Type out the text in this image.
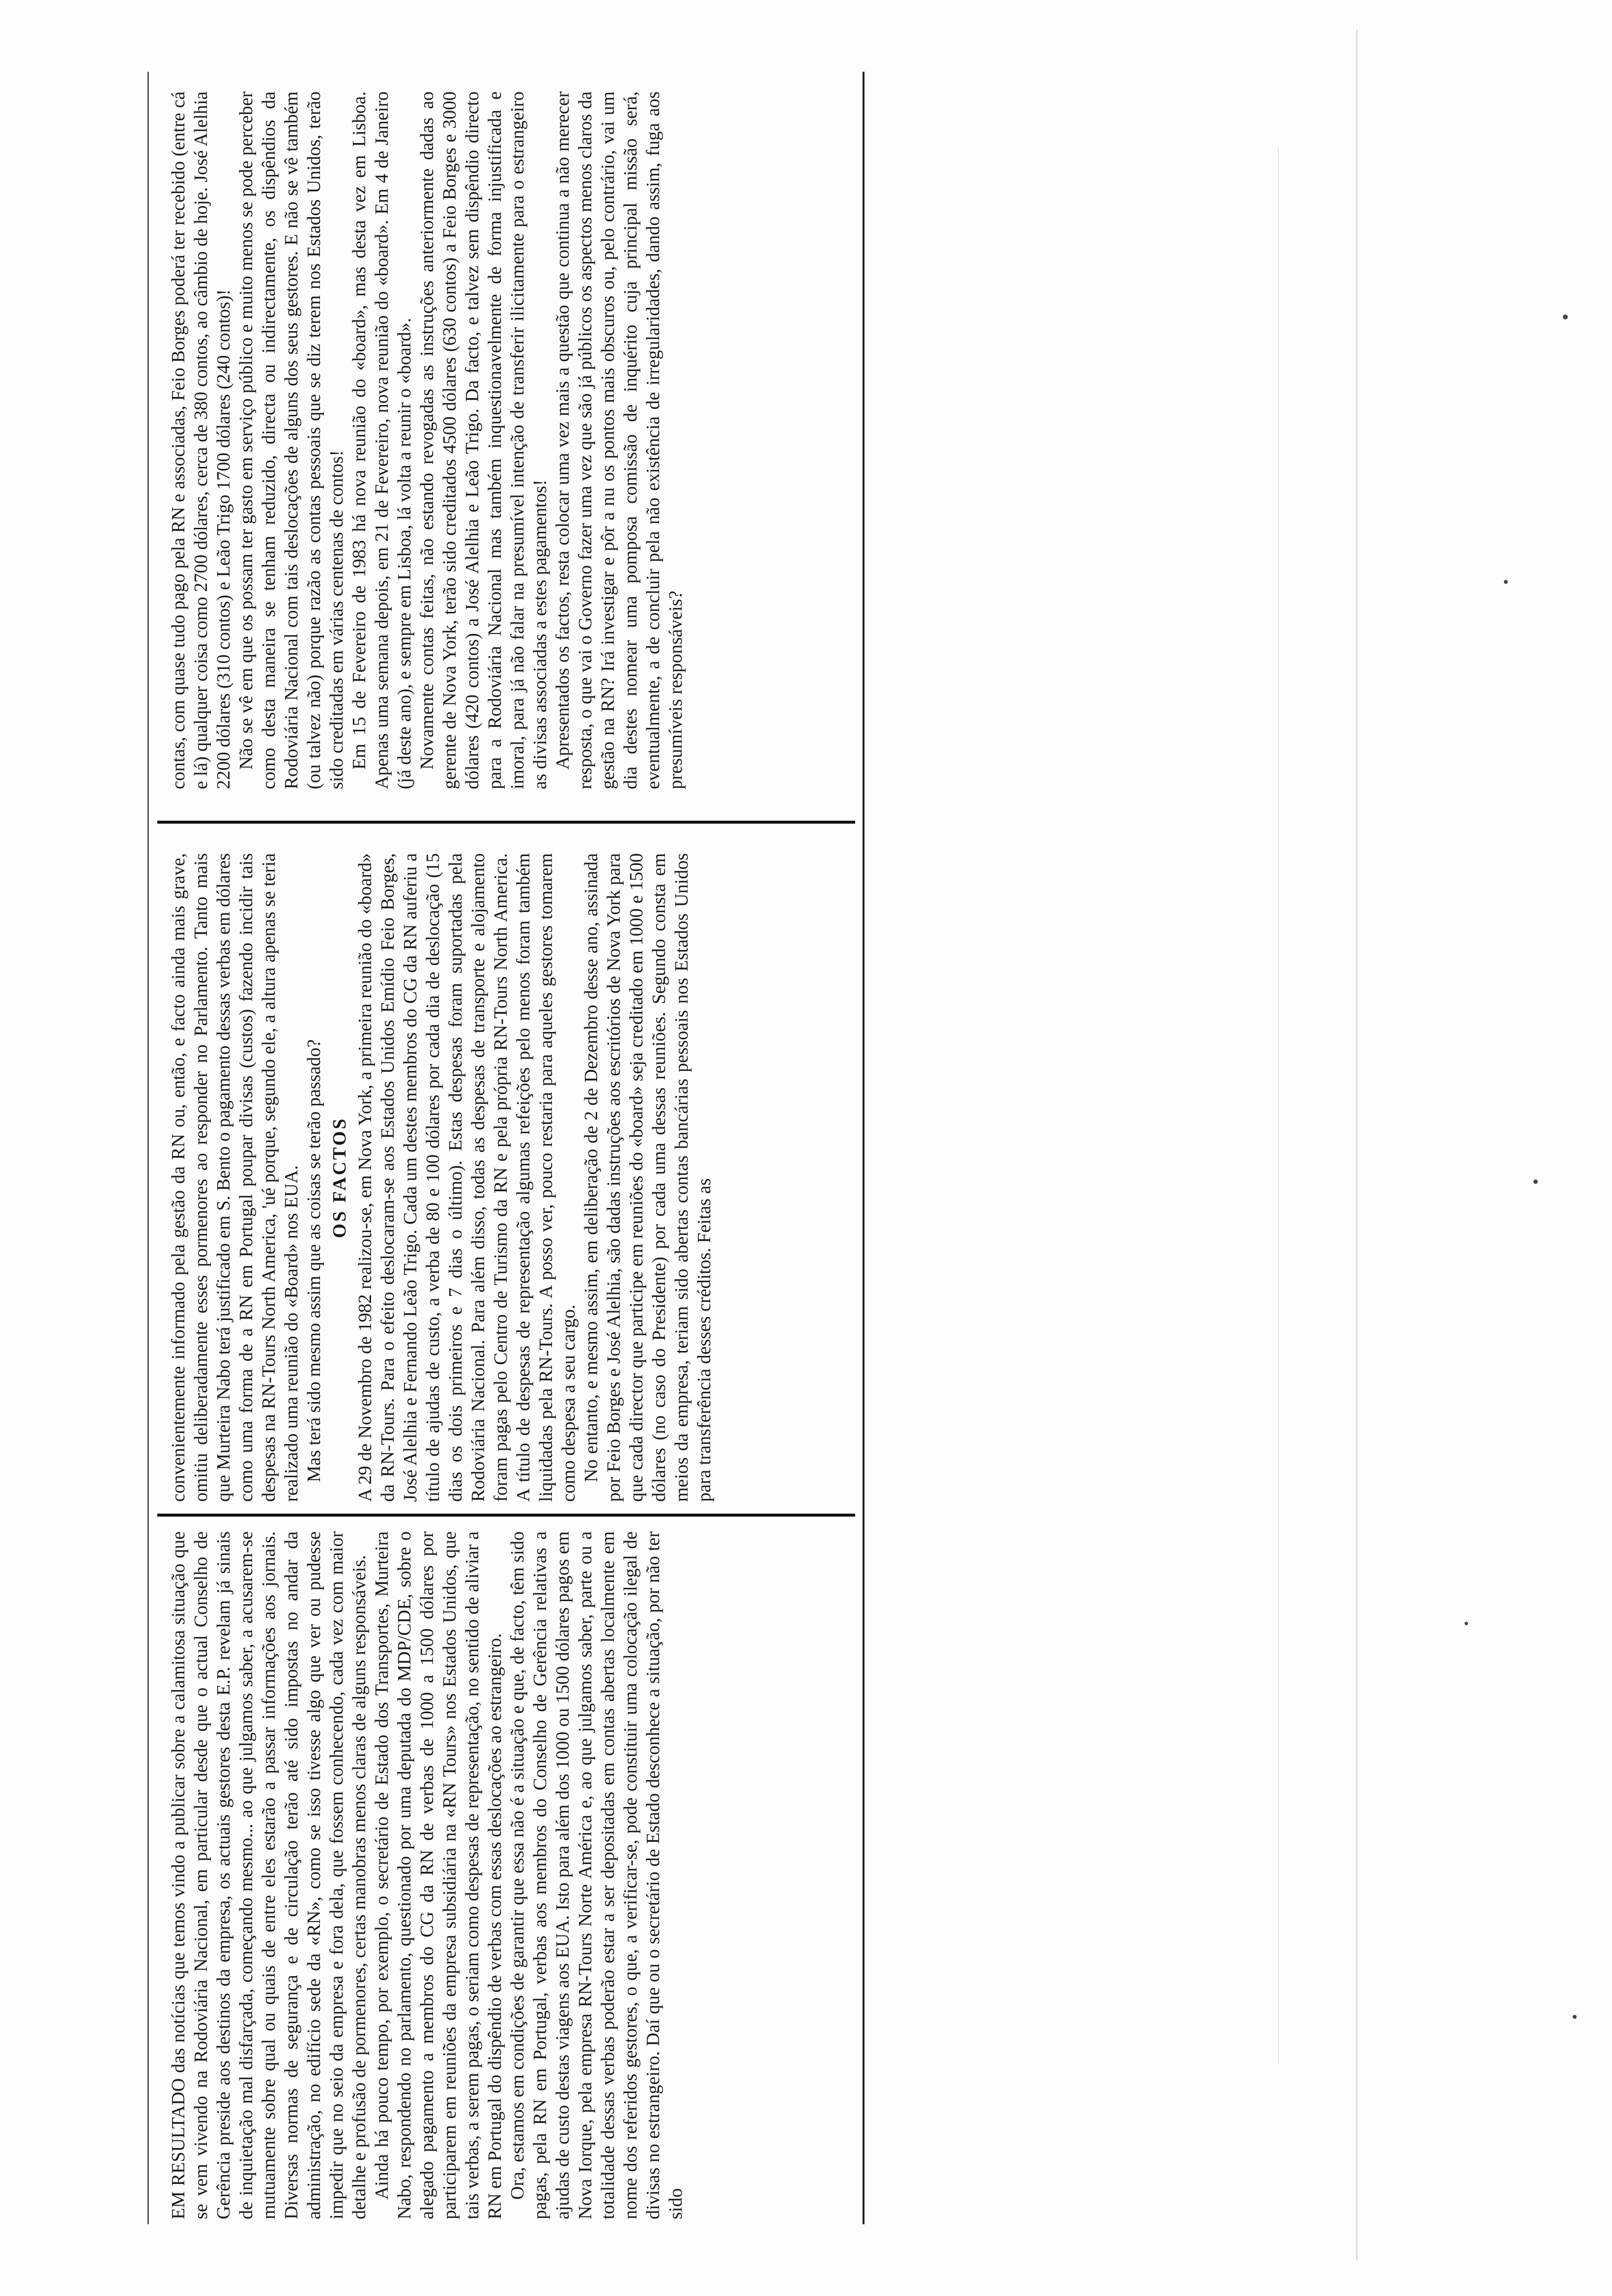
EM RESULTADO das notícias que temos vindo a publicar sobre a calamitosa situação que se vem vivendo na Rodoviária Nacional, em particular desde que o actual Conselho de Gerência preside aos destinos da empresa, os actuais gestores desta E.P. revelam já sinais de inquietação mal disfarçada, começando mesmo... ao que julgamos saber, a acusarem-se mutuamente sobre qual ou quais de entre eles estarão a passar informações aos jornais. Diversas normas de segurança e de circulação terão até sido impostas no andar da administração, no edifício sede da «RN», como se isso tivesse algo que ver ou pudesse impedir que no seio da empresa e fora dela, que fossem conhecendo, cada vez com maior detalhe e profusão de pormenores, certas manobras menos claras de alguns responsáveis. Ainda há pouco tempo, por exemplo, o secretário de Estado dos Transportes, Murteira Nabo, respondendo no parlamento, questionado por uma deputada do MDP/CDE, sobre o alegado pagamento a membros do CG da RN de verbas de 1000 a 1500 dólares por participarem em reuniões da empresa subsidiária na «RN Tours» nos Estados Unidos, que tais verbas, a serem pagas, o seriam como despesas de representação, no sentido de aliviar a RN em Portugal do dispêndio de verbas com essas deslocações ao estrangeiro. Ora, estamos em condições de garantir que essa não é a situação e que, de facto, têm sido pagas, pela RN em Portugal, verbas aos membros do Conselho de Gerência relativas a ajudas de custo destas viagens aos EUA. Isto para além dos 1000 ou 1500 dólares pagos em Nova Iorque, pela empresa RN-Tours Norte América e, ao que julgamos saber, parte ou a totalidade dessas verbas poderão estar a ser depositadas em contas abertas localmente em nome dos referidos gestores, o que, a verificar-se, pode constituir uma colocação ilegal de divisas no estrangeiro. Daí que ou o secretário de Estado desconhece a situação, por não ter sido

convenientemente informado pela gestão da RN ou, então, e facto ainda mais grave, omitiu deliberadamente esses pormenores ao responder no Parlamento. Tanto mais que Murteira Nabo terá justificado em S. Bento o pagamento dessas verbas em dólares como uma forma de a RN em Portugal poupar divisas (custos) fazendo incidir tais despesas na RN-Tours North America, 'ué porque, segundo ele, a altura apenas se teria realizado uma reunião do «Board» nos EUA. Mas terá sido mesmo assim que as coisas se terão passado? OS FACTOS A 29 de Novembro de 1982 realizou-se, em Nova York, a primeira reunião do «board» da RN-Tours. Para o efeito deslocaram-se aos Estados Unidos Emídio Feio Borges, José Alelhia e Fernando Leão Trigo. Cada um destes membros do CG da RN auferiu a título de ajudas de custo, a verba de 80 e 100 dólares por cada dia de deslocação (15 dias os dois primeiros e 7 dias o último). Estas despesas foram suportadas pela Rodoviária Nacional. Para além disso, todas as despesas de transporte e alojamento foram pagas pelo Centro de Turismo da RN e pela própria RN-Tours North America. A título de despesas de representação algumas refeições pelo menos foram também liquidadas pela RN-Tours. A posso ver, pouco restaria para aqueles gestores tomarem como despesa a seu cargo. No entanto, e mesmo assim, em deliberação de 2 de Dezembro desse ano, assinada por Feio Borges e José Alelhia, são dadas instruções aos escritórios de Nova York para que cada director que participe em reuniões do «board» seja creditado em 1000 e 1500 dólares (no caso do Presidente) por cada uma dessas reuniões. Segundo consta em meios da empresa, teriam sido abertas contas bancárias pessoais nos Estados Unidos para transferência desses créditos. Feitas as

contas, com quase tudo pago pela RN e associadas, Feio Borges poderá ter recebido (entre cá e lá) qualquer coisa como 2700 dólares, cerca de 380 contos, ao câmbio de hoje. José Alelhia 2200 dólares (310 contos) e Leão Trigo 1700 dólares (240 contos)! Não se vê em que os possam ter gasto em serviço público e muito menos se pode perceber como desta maneira se tenham reduzido, directa ou indirectamente, os dispêndios da Rodoviária Nacional com tais deslocações de alguns dos seus gestores. E não se vê também (ou talvez não) porque razão as contas pessoais que se diz terem nos Estados Unidos, terão sido creditadas em várias centenas de contos! Em 15 de Fevereiro de 1983 há nova reunião do «board», mas desta vez em Lisboa. Apenas uma semana depois, em 21 de Fevereiro, nova reunião do «board». Em 4 de Janeiro (já deste ano), e sempre em Lisboa, lá volta a reunir o «board». Novamente contas feitas, não estando revogadas as instruções anteriormente dadas ao gerente de Nova York, terão sido creditados 4500 dólares (630 contos) a Feio Borges e 3000 dólares (420 contos) a José Alelhia e Leão Trigo. Da facto, e talvez sem dispêndio directo para a Rodoviária Nacional mas também inquestionavelmente de forma injustificada e imoral, para já não falar na presumível intenção de transferir ilicitamente para o estrangeiro as divisas associadas a estes pagamentos! Apresentados os factos, resta colocar uma vez mais a questão que continua a não merecer resposta, o que vai o Governo fazer uma vez que são já públicos os aspectos menos claros da gestão na RN? Irá investigar e pôr a nu os pontos mais obscuros ou, pelo contrário, vai um dia destes nomear uma pomposa comissão de inquérito cuja principal missão será, eventualmente, a de concluir pela não existência de irregularidades, dando assim, fuga aos presumíveis responsáveis?
